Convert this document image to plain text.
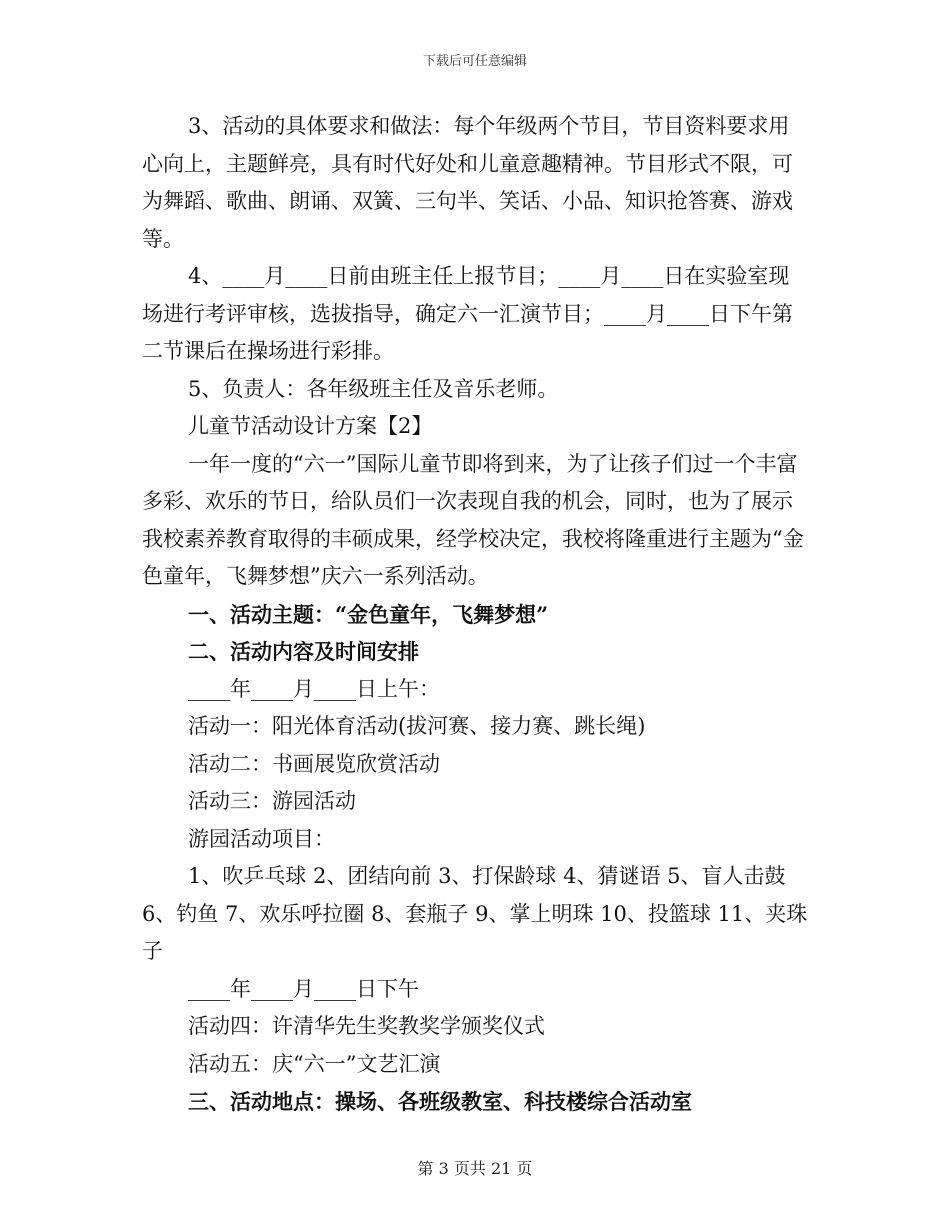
下载后可任意编辑

3、活动的具体要求和做法：每个年级两个节目，节目资料要求用心向上，主题鲜亮，具有时代好处和儿童意趣精神。节目形式不限，可为舞蹈、歌曲、朗诵、双簧、三句半、笑话、小品、知识抢答赛、游戏等。

4、____月____日前由班主任上报节目；____月____日在实验室现场进行考评审核，选拔指导，确定六一汇演节目；____月____日下午第二节课后在操场进行彩排。

5、负责人：各年级班主任及音乐老师。

儿童节活动设计方案【2】

一年一度的“六一”国际儿童节即将到来，为了让孩子们过一个丰富多彩、欢乐的节日，给队员们一次表现自我的机会，同时，也为了展示我校素养教育取得的丰硕成果，经学校决定，我校将隆重进行主题为“金色童年，飞舞梦想”庆六一系列活动。

一、活动主题：“金色童年，飞舞梦想”

二、活动内容及时间安排

____年____月____日上午：

活动一：阳光体育活动(拔河赛、接力赛、跳长绳)

活动二：书画展览欣赏活动

活动三：游园活动

游园活动项目：

1、吹乒乓球 2、团结向前 3、打保龄球 4、猜谜语 5、盲人击鼓 6、钓鱼 7、欢乐呼拉圈 8、套瓶子 9、掌上明珠 10、投篮球 11、夹珠子

____年____月____日下午

活动四：许清华先生奖教奖学颁奖仪式

活动五：庆“六一”文艺汇演

三、活动地点：操场、各班级教室、科技楼综合活动室

第 3 页共 21 页
